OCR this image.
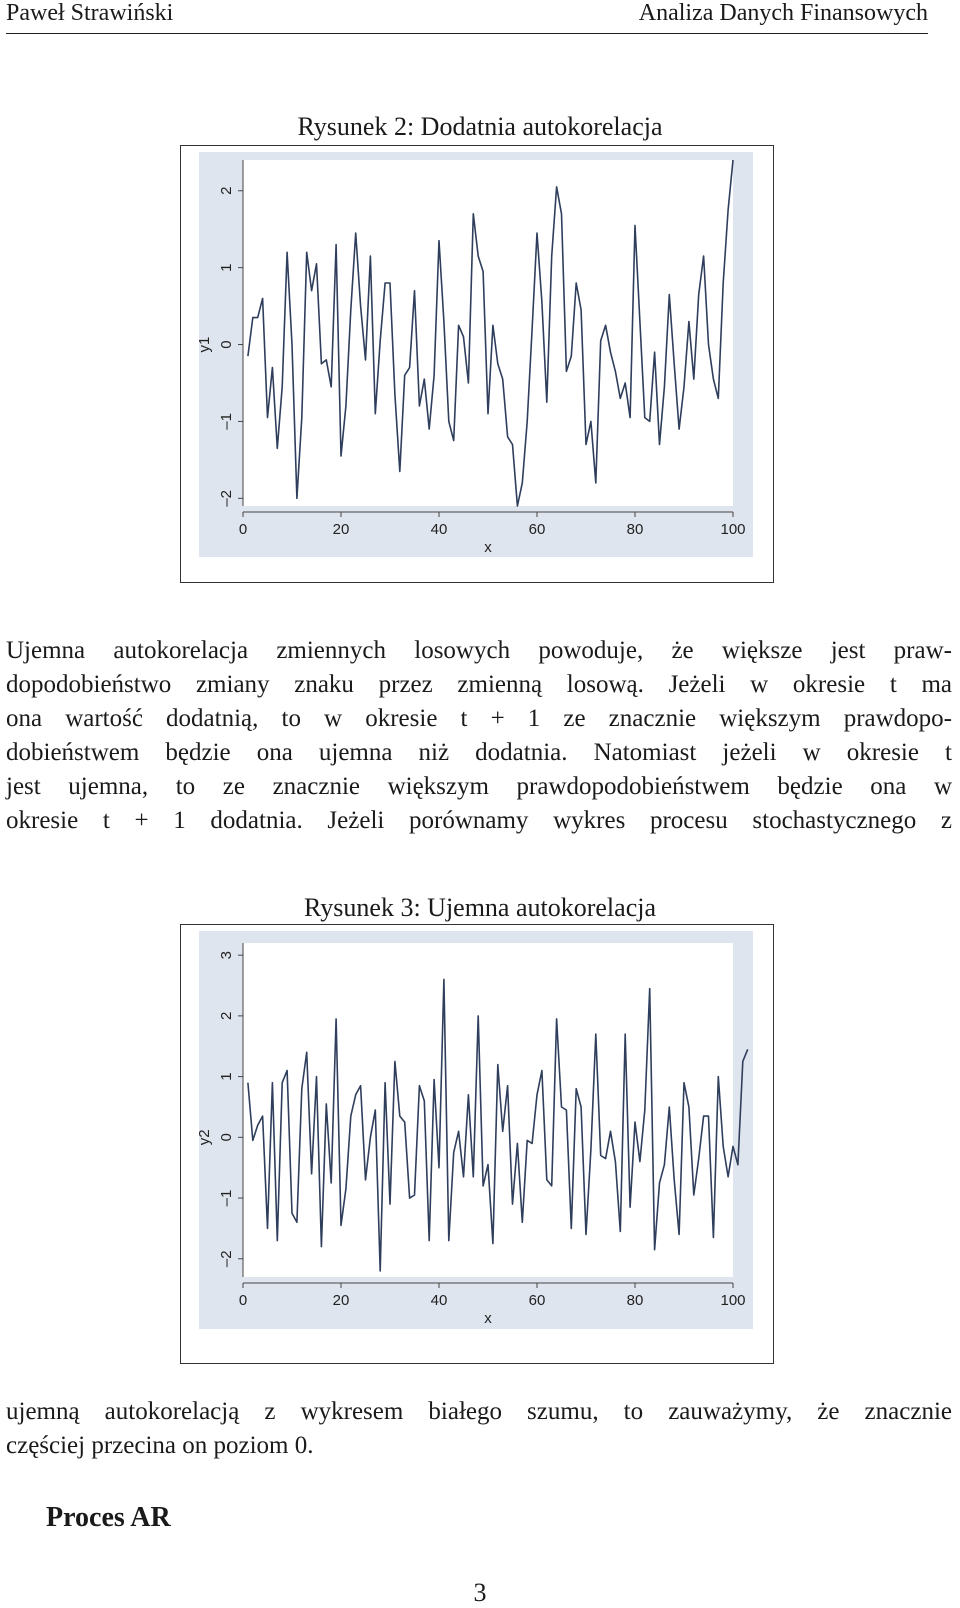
Paweł Strawiński	Analiza Danych Finansowych
Rysunek 2: Dodatnia autokorelacja
–2
–1
0
1
2
y1
0	20	40	60	80	100
x
Ujemna autokorelacja zmiennych losowych powoduje, że większe jest praw-
dopodobieństwo zmiany znaku przez zmienną losową. Jeżeli w okresie t ma
ona wartość dodatnią, to w okresie t + 1 ze znacznie większym prawdopo-
dobieństwem będzie ona ujemna niż dodatnia. Natomiast jeżeli w okresie t
jest ujemna, to ze znacznie większym prawdopodobieństwem będzie ona w
okresie t + 1 dodatnia. Jeżeli porównamy wykres procesu stochastycznego z
Rysunek 3: Ujemna autokorelacja
–2
–1
0
1
2
3
y2
0	20	40	60	80	100
x
ujemną autokorelacją z wykresem białego szumu, to zauważymy, że znacznie
częściej przecina on poziom 0.
Proces AR
3
